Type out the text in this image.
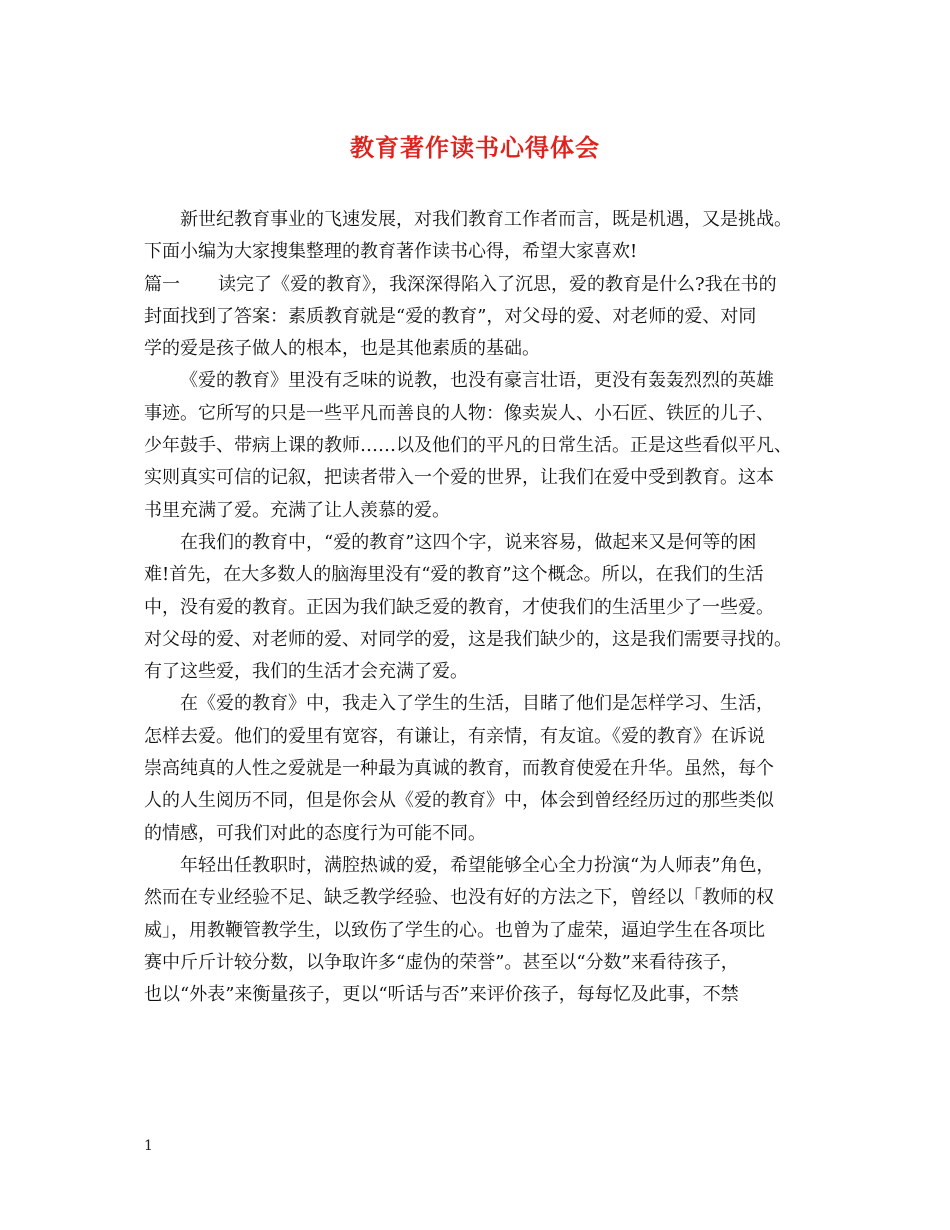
教育著作读书心得体会
新世纪教育事业的飞速发展，对我们教育工作者而言，既是机遇，又是挑战。
下面小编为大家搜集整理的教育著作读书心得，希望大家喜欢!
篇一 读完了《爱的教育》，我深深得陷入了沉思，爱的教育是什么?我在书的
封面找到了答案：素质教育就是“爱的教育”，对父母的爱、对老师的爱、对同
学的爱是孩子做人的根本，也是其他素质的基础。
《爱的教育》里没有乏味的说教，也没有豪言壮语，更没有轰轰烈烈的英雄
事迹。它所写的只是一些平凡而善良的人物：像卖炭人、小石匠、铁匠的儿子、
少年鼓手、带病上课的教师……以及他们的平凡的日常生活。正是这些看似平凡、
实则真实可信的记叙，把读者带入一个爱的世界，让我们在爱中受到教育。这本
书里充满了爱。充满了让人羡慕的爱。
在我们的教育中，“爱的教育”这四个字，说来容易，做起来又是何等的困
难!首先，在大多数人的脑海里没有“爱的教育”这个概念。所以，在我们的生活
中，没有爱的教育。正因为我们缺乏爱的教育，才使我们的生活里少了一些爱。
对父母的爱、对老师的爱、对同学的爱，这是我们缺少的，这是我们需要寻找的。
有了这些爱，我们的生活才会充满了爱。
在《爱的教育》中，我走入了学生的生活，目睹了他们是怎样学习、生活，
怎样去爱。他们的爱里有宽容，有谦让，有亲情，有友谊。《爱的教育》在诉说
崇高纯真的人性之爱就是一种最为真诚的教育，而教育使爱在升华。虽然，每个
人的人生阅历不同，但是你会从《爱的教育》中，体会到曾经经历过的那些类似
的情感，可我们对此的态度行为可能不同。
年轻出任教职时，满腔热诚的爱，希望能够全心全力扮演“为人师表”角色，
然而在专业经验不足、缺乏教学经验、也没有好的方法之下，曾经以「教师的权
威」，用教鞭管教学生，以致伤了学生的心。也曾为了虚荣，逼迫学生在各项比
赛中斤斤计较分数，以争取许多“虚伪的荣誉”。甚至以“分数”来看待孩子，
也以“外表”来衡量孩子，更以“听话与否”来评价孩子，每每忆及此事，不禁
1
